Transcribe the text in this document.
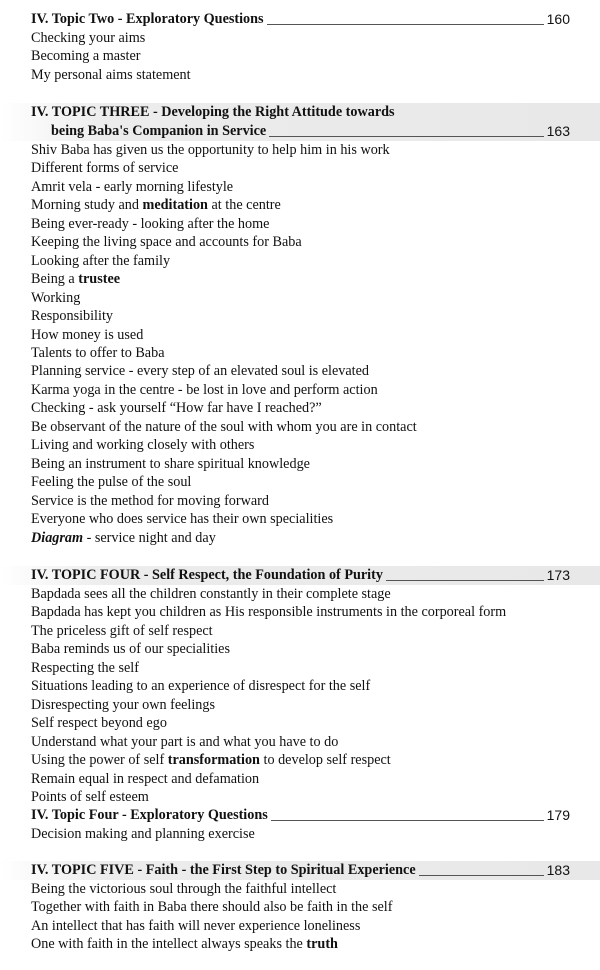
IV. Topic Two - Exploratory Questions	160
Checking your aims
Becoming a master
My personal aims statement
IV. TOPIC THREE - Developing the Right Attitude towards
being Baba's Companion in Service	163
Shiv Baba has given us the opportunity to help him in his work
Different forms of service
Amrit vela - early morning lifestyle
Morning study and meditation at the centre
Being ever-ready - looking after the home
Keeping the living space and accounts for Baba
Looking after the family
Being a trustee
Working
Responsibility
How money is used
Talents to offer to Baba
Planning service - every step of an elevated soul is elevated
Karma yoga in the centre - be lost in love and perform action
Checking - ask yourself “How far have I reached?”
Be observant of the nature of the soul with whom you are in contact
Living and working closely with others
Being an instrument to share spiritual knowledge
Feeling the pulse of the soul
Service is the method for moving forward
Everyone who does service has their own specialities
Diagram - service night and day
IV. TOPIC FOUR - Self Respect, the Foundation of Purity	173
Bapdada sees all the children constantly in their complete stage
Bapdada has kept you children as His responsible instruments in the corporeal form
The priceless gift of self respect
Baba reminds us of our specialities
Respecting the self
Situations leading to an experience of disrespect for the self
Disrespecting your own feelings
Self respect beyond ego
Understand what your part is and what you have to do
Using the power of self transformation to develop self respect
Remain equal in respect and defamation
Points of self esteem
IV. Topic Four - Exploratory Questions	179
Decision making and planning exercise
IV. TOPIC FIVE - Faith - the First Step to Spiritual Experience	183
Being the victorious soul through the faithful intellect
Together with faith in Baba there should also be faith in the self
An intellect that has faith will never experience loneliness
One with faith in the intellect always speaks the truth
